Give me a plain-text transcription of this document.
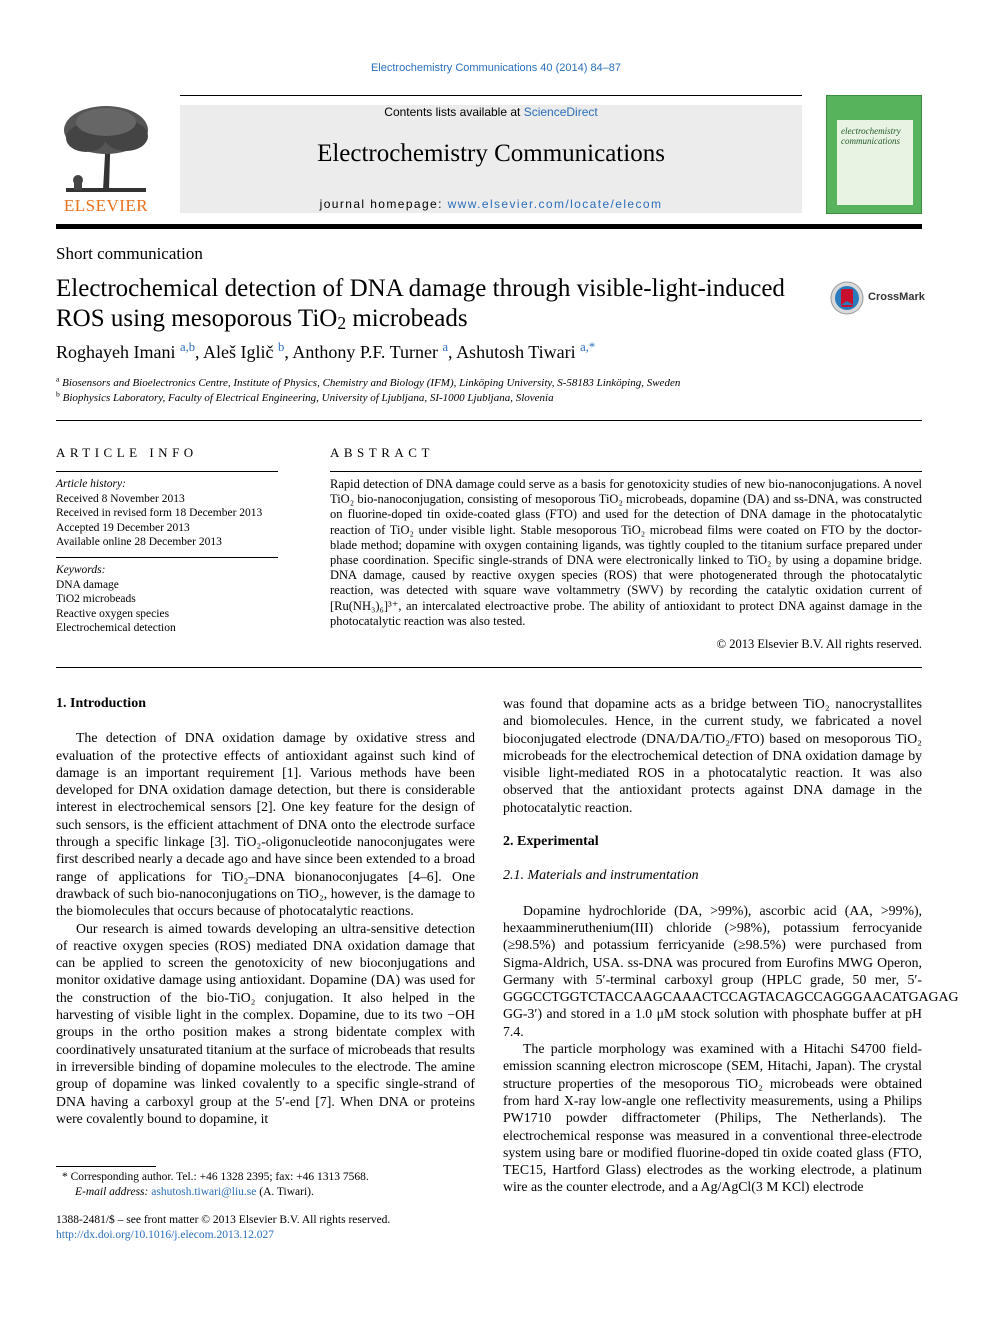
Electrochemistry Communications 40 (2014) 84–87
ELSEVIER
Contents lists available at ScienceDirect
Electrochemistry Communications
journal homepage: www.elsevier.com/locate/elecom
electrochemistry
communications
Short communication
Electrochemical detection of DNA damage through visible-light-induced
ROS using mesoporous TiO$_2$ microbeads
CrossMark
Roghayeh Imani $^{a,b}$, Aleš Iglič $^b$, Anthony P.F. Turner $^a$, Ashutosh Tiwari $^{a,*}$
$^a$ Biosensors and Bioelectronics Centre, Institute of Physics, Chemistry and Biology (IFM), Linköping University, S-58183 Linköping, Sweden
$^b$ Biophysics Laboratory, Faculty of Electrical Engineering, University of Ljubljana, SI-1000 Ljubljana, Slovenia
ARTICLE INFO
Article history:
Received 8 November 2013
Received in revised form 18 December 2013
Accepted 19 December 2013
Available online 28 December 2013
Keywords:
DNA damage
TiO2 microbeads
Reactive oxygen species
Electrochemical detection
ABSTRACT
Rapid detection of DNA damage could serve as a basis for genotoxicity studies of new bio-nanoconjugations. A novel TiO₂ bio-nanoconjugation, consisting of mesoporous TiO₂ microbeads, dopamine (DA) and ss-DNA, was constructed on fluorine-doped tin oxide-coated glass (FTO) and used for the detection of DNA damage in the photocatalytic reaction of TiO₂ under visible light. Stable mesoporous TiO₂ microbead films were coated on FTO by the doctor-blade method; dopamine with oxygen containing ligands, was tightly coupled to the titanium surface prepared under phase coordination. Specific single-strands of DNA were electronically linked to TiO₂ by using a dopamine bridge. DNA damage, caused by reactive oxygen species (ROS) that were photogenerated through the photocatalytic reaction, was detected with square wave voltammetry (SWV) by recording the catalytic oxidation current of [Ru(NH₃)₆]³⁺, an intercalated electroactive probe. The ability of antioxidant to protect DNA against damage in the photocatalytic reaction was also tested.
© 2013 Elsevier B.V. All rights reserved.
1. Introduction

The detection of DNA oxidation damage by oxidative stress and evaluation of the protective effects of antioxidant against such kind of damage is an important requirement [1]. Various methods have been developed for DNA oxidation damage detection, but there is considerable interest in electrochemical sensors [2]. One key feature for the design of such sensors, is the efficient attachment of DNA onto the electrode surface through a specific linkage [3]. TiO₂-oligonucleotide nanoconjugates were first described nearly a decade ago and have since been extended to a broad range of applications for TiO₂–DNA bionanoconjugates [4–6]. One drawback of such bio-nanoconjugations on TiO₂, however, is the damage to the biomolecules that occurs because of photocatalytic reactions.

Our research is aimed towards developing an ultra-sensitive detection of reactive oxygen species (ROS) mediated DNA oxidation damage that can be applied to screen the genotoxicity of new bioconjugations and monitor oxidative damage using antioxidant. Dopamine (DA) was used for the construction of the bio-TiO₂ conjugation. It also helped in the harvesting of visible light in the complex. Dopamine, due to its two −OH groups in the ortho position makes a strong bidentate complex with coordinatively unsaturated titanium at the surface of microbeads that results in irreversible binding of dopamine molecules to the electrode. The amine group of dopamine was linked covalently to a specific single-strand of DNA having a carboxyl group at the 5′-end [7]. When DNA or proteins were covalently bound to dopamine, it

was found that dopamine acts as a bridge between TiO₂ nanocrystallites and biomolecules. Hence, in the current study, we fabricated a novel bioconjugated electrode (DNA/DA/TiO₂/FTO) based on mesoporous TiO₂ microbeads for the electrochemical detection of DNA oxidation damage by visible light-mediated ROS in a photocatalytic reaction. It was also observed that the antioxidant protects against DNA damage in the photocatalytic reaction.

2. Experimental
2.1. Materials and instrumentation

Dopamine hydrochloride (DA, >99%), ascorbic acid (AA, >99%), hexaammineruthenium(III) chloride (>98%), potassium ferrocyanide (≥98.5%) and potassium ferricyanide (≥98.5%) were purchased from Sigma-Aldrich, USA. ss-DNA was procured from Eurofins MWG Operon, Germany with 5′-terminal carboxyl group (HPLC grade, 50 mer, 5′-GGGCCTGGTCTACCAAGCAAACTCCAGTACAGCCAGGGAACATGAGAG GG-3′) and stored in a 1.0 μM stock solution with phosphate buffer at pH 7.4.

The particle morphology was examined with a Hitachi S4700 field-emission scanning electron microscope (SEM, Hitachi, Japan). The crystal structure properties of the mesoporous TiO₂ microbeads were obtained from hard X-ray low-angle one reflectivity measurements, using a Philips PW1710 powder diffractometer (Philips, The Netherlands). The electrochemical response was measured in a conventional three-electrode system using bare or modified fluorine-doped tin oxide coated glass (FTO, TEC15, Hartford Glass) electrodes as the working electrode, a platinum wire as the counter electrode, and a Ag/AgCl(3 M KCl) electrode

* Corresponding author. Tel.: +46 1328 2395; fax: +46 1313 7568.
E-mail address: ashutosh.tiwari@liu.se (A. Tiwari).
1388-2481/$ – see front matter © 2013 Elsevier B.V. All rights reserved.
http://dx.doi.org/10.1016/j.elecom.2013.12.027
